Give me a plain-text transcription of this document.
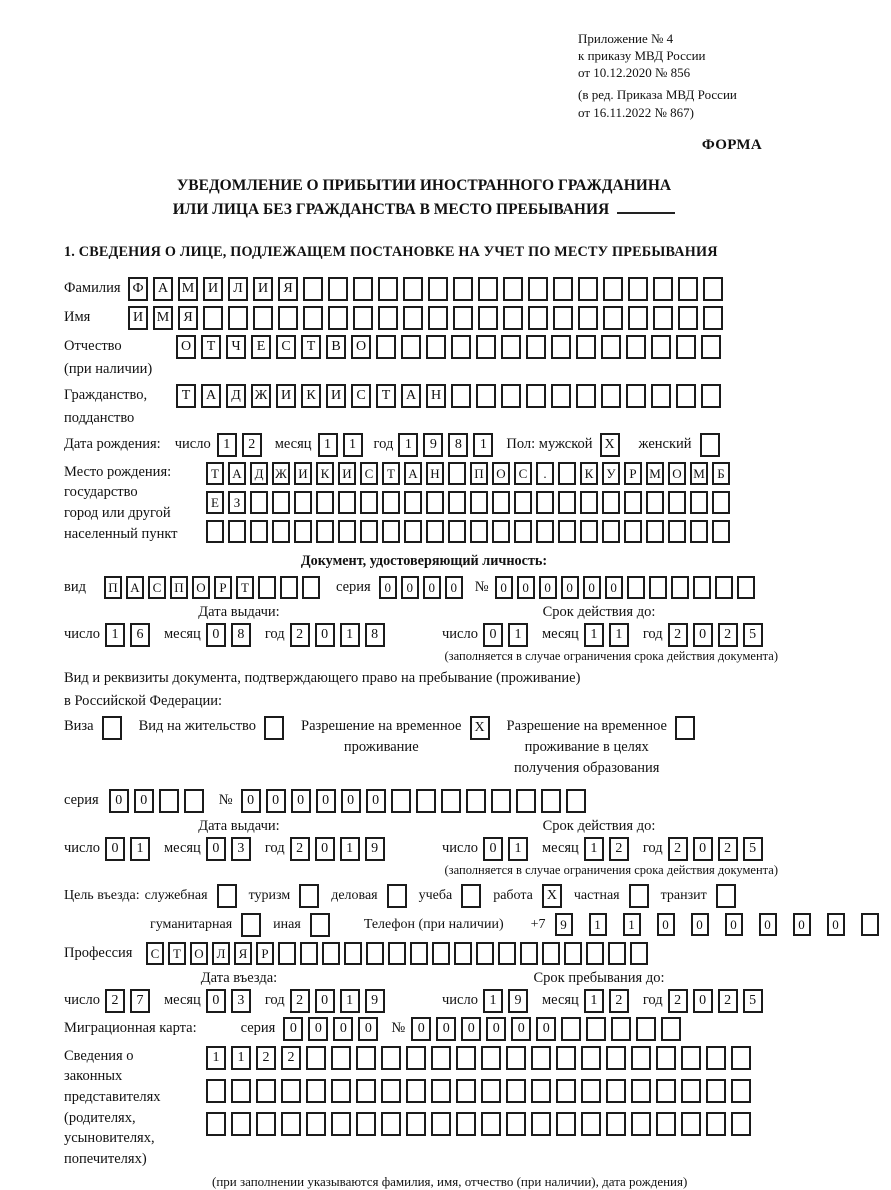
Приложение № 4
к приказу МВД России
от 10.12.2020 № 856
(в ред. Приказа МВД России
от 16.11.2022 № 867)
ФОРМА
УВЕДОМЛЕНИЕ О ПРИБЫТИИ ИНОСТРАННОГО ГРАЖДАНИНА
ИЛИ ЛИЦА БЕЗ ГРАЖДАНСТВА В МЕСТО ПРЕБЫВАНИЯ
1. СВЕДЕНИЯ О ЛИЦЕ, ПОДЛЕЖАЩЕМ ПОСТАНОВКЕ НА УЧЕТ ПО МЕСТУ ПРЕБЫВАНИЯ
Фамилия Ф	А М И	Л	И	Я
Имя	И М	Я
Отчество	О	Т	Ч	Е	С	Т	В	О
(при наличии)
Гражданство,	Т	А	Д Ж И	К	И	С	Т	А	Н
подданство
Дата рождения: число 1	2	месяц 1	1	год 1	9	8	1	Пол: мужской X	женский
Место рождения:
государство
город или другой
населенный пункт
Т	А Д Ж И К И С	Т	А Н	П О С	.	К	У	Р М О М Б
Е	З
Документ, удостоверяющий личность:
вид	П А С П О	Р	Т	серия	0	0	0	0	№ 0	0	0	0	0	0
Дата выдачи:	Срок действия до:
число 1	6	месяц 0	8	год 2	0	1	8	число 0	1	месяц 1	1	год 2	0	2	5
(заполняется в случае ограничения срока действия документа)
Вид и реквизиты документа, подтверждающего право на пребывание (проживание)
в Российской Федерации:
Виза	Вид на жительство	Разрешение на временное
проживание
X	Разрешение на временное
проживание в целях
получения образования
серия	0	0	№	0	0	0	0	0	0
Дата выдачи:	Срок действия до:
число 0	1	месяц 0	3	год 2	0	1	9	число 0	1	месяц 1	2	год 2	0	2	5
(заполняется в случае ограничения срока действия документа)
Цель въезда: служебная	туризм	деловая	учеба	работа X	частная	транзит
гуманитарная	иная	Телефон (при наличии) +7	9	1	1	0	0	0	0	0	0
Профессия	С	Т	О Л	Я	Р
Дата въезда:	Срок пребывания до:
число 2	7	месяц 0	3	год 2	0	1	9	число 1	9	месяц 1	2	год 2	0	2	5
Миграционная карта:	серия	0	0	0	0	№ 0	0	0	0	0	0
Сведения о
законных
представителях
(родителях,
усыновителях,
попечителях)
1	1	2	2
(при заполнении указываются фамилия, имя, отчество (при наличии), дата рождения)
